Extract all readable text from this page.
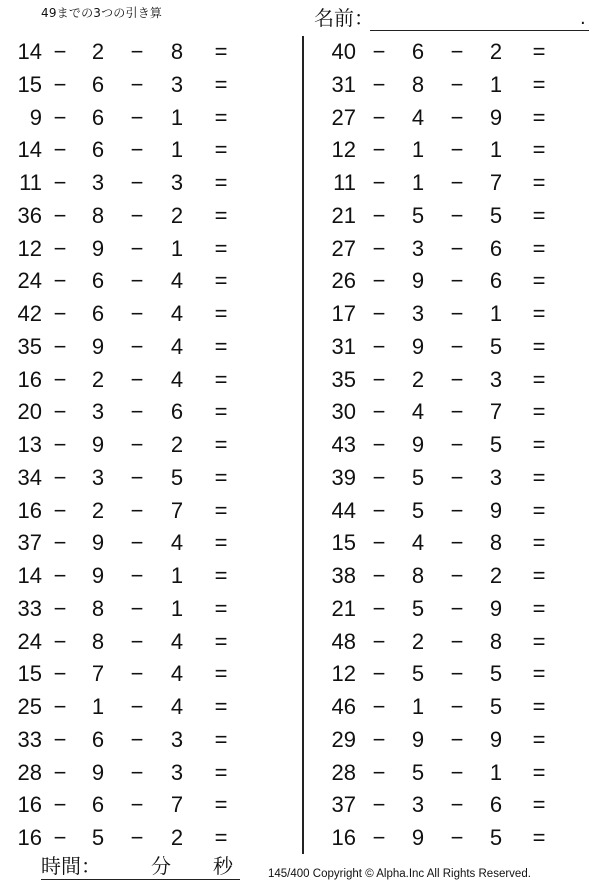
49までの3つの引き算	名前：	.
14 −	2	−	8	=
15 −	6	−	3	=
9 −	6	−	1	=
14 −	6	−	1	=
11 −	3	−	3	=
36 −	8	−	2	=
12 −	9	−	1	=
24 −	6	−	4	=
42 −	6	−	4	=
35 −	9	−	4	=
16 −	2	−	4	=
20 −	3	−	6	=
13 −	9	−	2	=
34 −	3	−	5	=
16 −	2	−	7	=
37 −	9	−	4	=
14 −	9	−	1	=
33 −	8	−	1	=
24 −	8	−	4	=
15 −	7	−	4	=
25 −	1	−	4	=
33 −	6	−	3	=
28 −	9	−	3	=
16 −	6	−	7	=
16 −	5	−	2	=
40 −	6	−	2	=
31 −	8	−	1	=
27 −	4	−	9	=
12 −	1	−	1	=
11 −	1	−	7	=
21 −	5	−	5	=
27 −	3	−	6	=
26 −	9	−	6	=
17 −	3	−	1	=
31 −	9	−	5	=
35 −	2	−	3	=
30 −	4	−	7	=
43 −	9	−	5	=
39 −	5	−	3	=
44 −	5	−	9	=
15 −	4	−	8	=
38 −	8	−	2	=
21 −	5	−	9	=
48 −	2	−	8	=
12 −	5	−	5	=
46 −	1	−	5	=
29 −	9	−	9	=
28 −	5	−	1	=
37 −	3	−	6	=
16 −	9	−	5	=
時間：	分 秒	145/400 Copyright © Alpha.Inc All Rights Reserved.
